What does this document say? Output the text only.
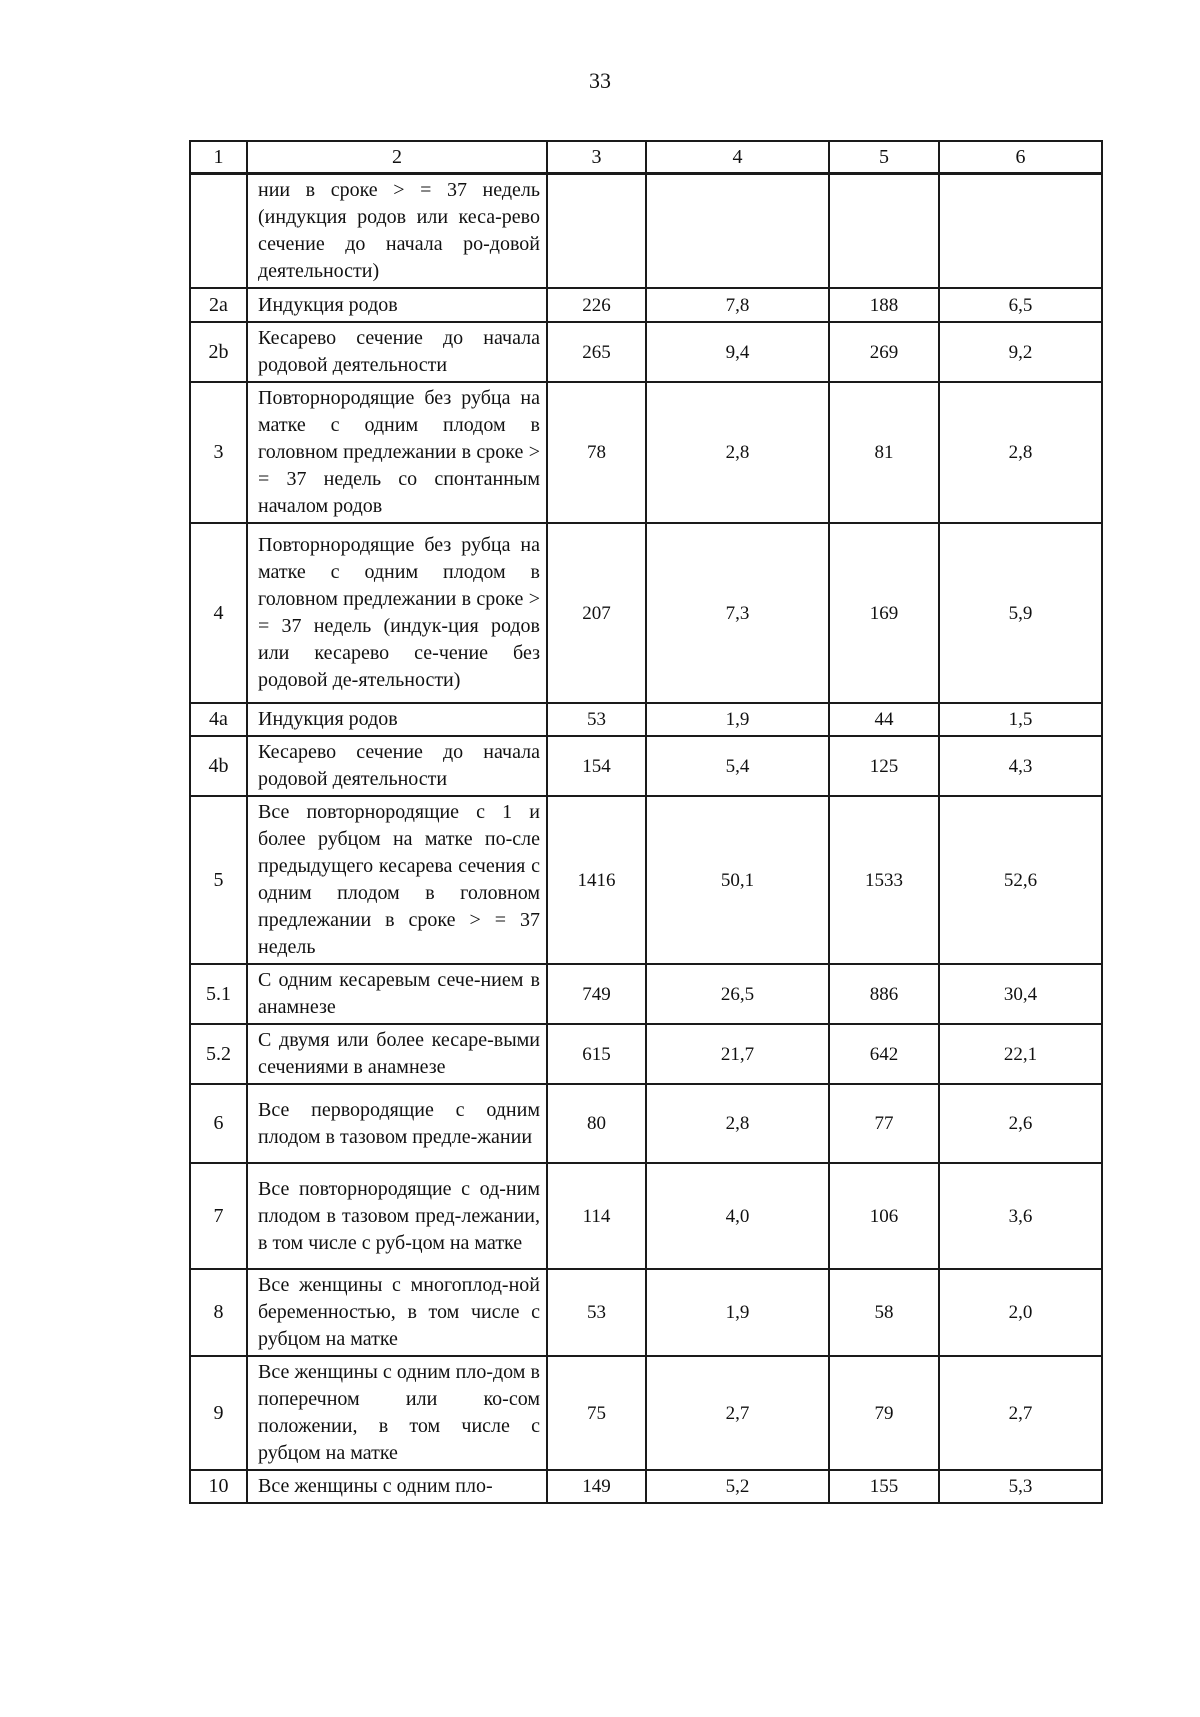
33
1	2	3	4	5	6
	нии в сроке > = 37 недель (индукция родов или кеса-рево сечение до начала ро-довой деятельности)				
2a	Индукция родов	226	7,8	188	6,5
2b	Кесарево сечение до начала родовой деятельности	265	9,4	269	9,2
3	Повторнородящие без рубца на матке с одним плодом в головном предлежании в сроке > = 37 недель со спонтанным началом родов	78	2,8	81	2,8
4	Повторнородящие без рубца на матке с одним плодом в головном предлежании в сроке > = 37 недель (индук-ция родов или кесарево се-чение без родовой де-ятельности)	207	7,3	169	5,9
4a	Индукция родов	53	1,9	44	1,5
4b	Кесарево сечение до начала родовой деятельности	154	5,4	125	4,3
5	Все повторнородящие с 1 и более рубцом на матке по-сле предыдущего кесарева сечения с одним плодом в головном предлежании в сроке > = 37 недель	1416	50,1	1533	52,6
5.1	С одним кесаревым сече-нием в анамнезе	749	26,5	886	30,4
5.2	С двумя или более кесаре-выми сечениями в анамнезе	615	21,7	642	22,1
6	Все первородящие с одним плодом в тазовом предле-жании	80	2,8	77	2,6
7	Все повторнородящие с од-ним плодом в тазовом пред-лежании, в том числе с руб-цом на матке	114	4,0	106	3,6
8	Все женщины с многоплод-ной беременностью, в том числе с рубцом на матке	53	1,9	58	2,0
9	Все женщины с одним пло-дом в поперечном или ко-сом положении, в том числе с рубцом на матке	75	2,7	79	2,7
10	Все женщины с одним пло-	149	5,2	155	5,3
